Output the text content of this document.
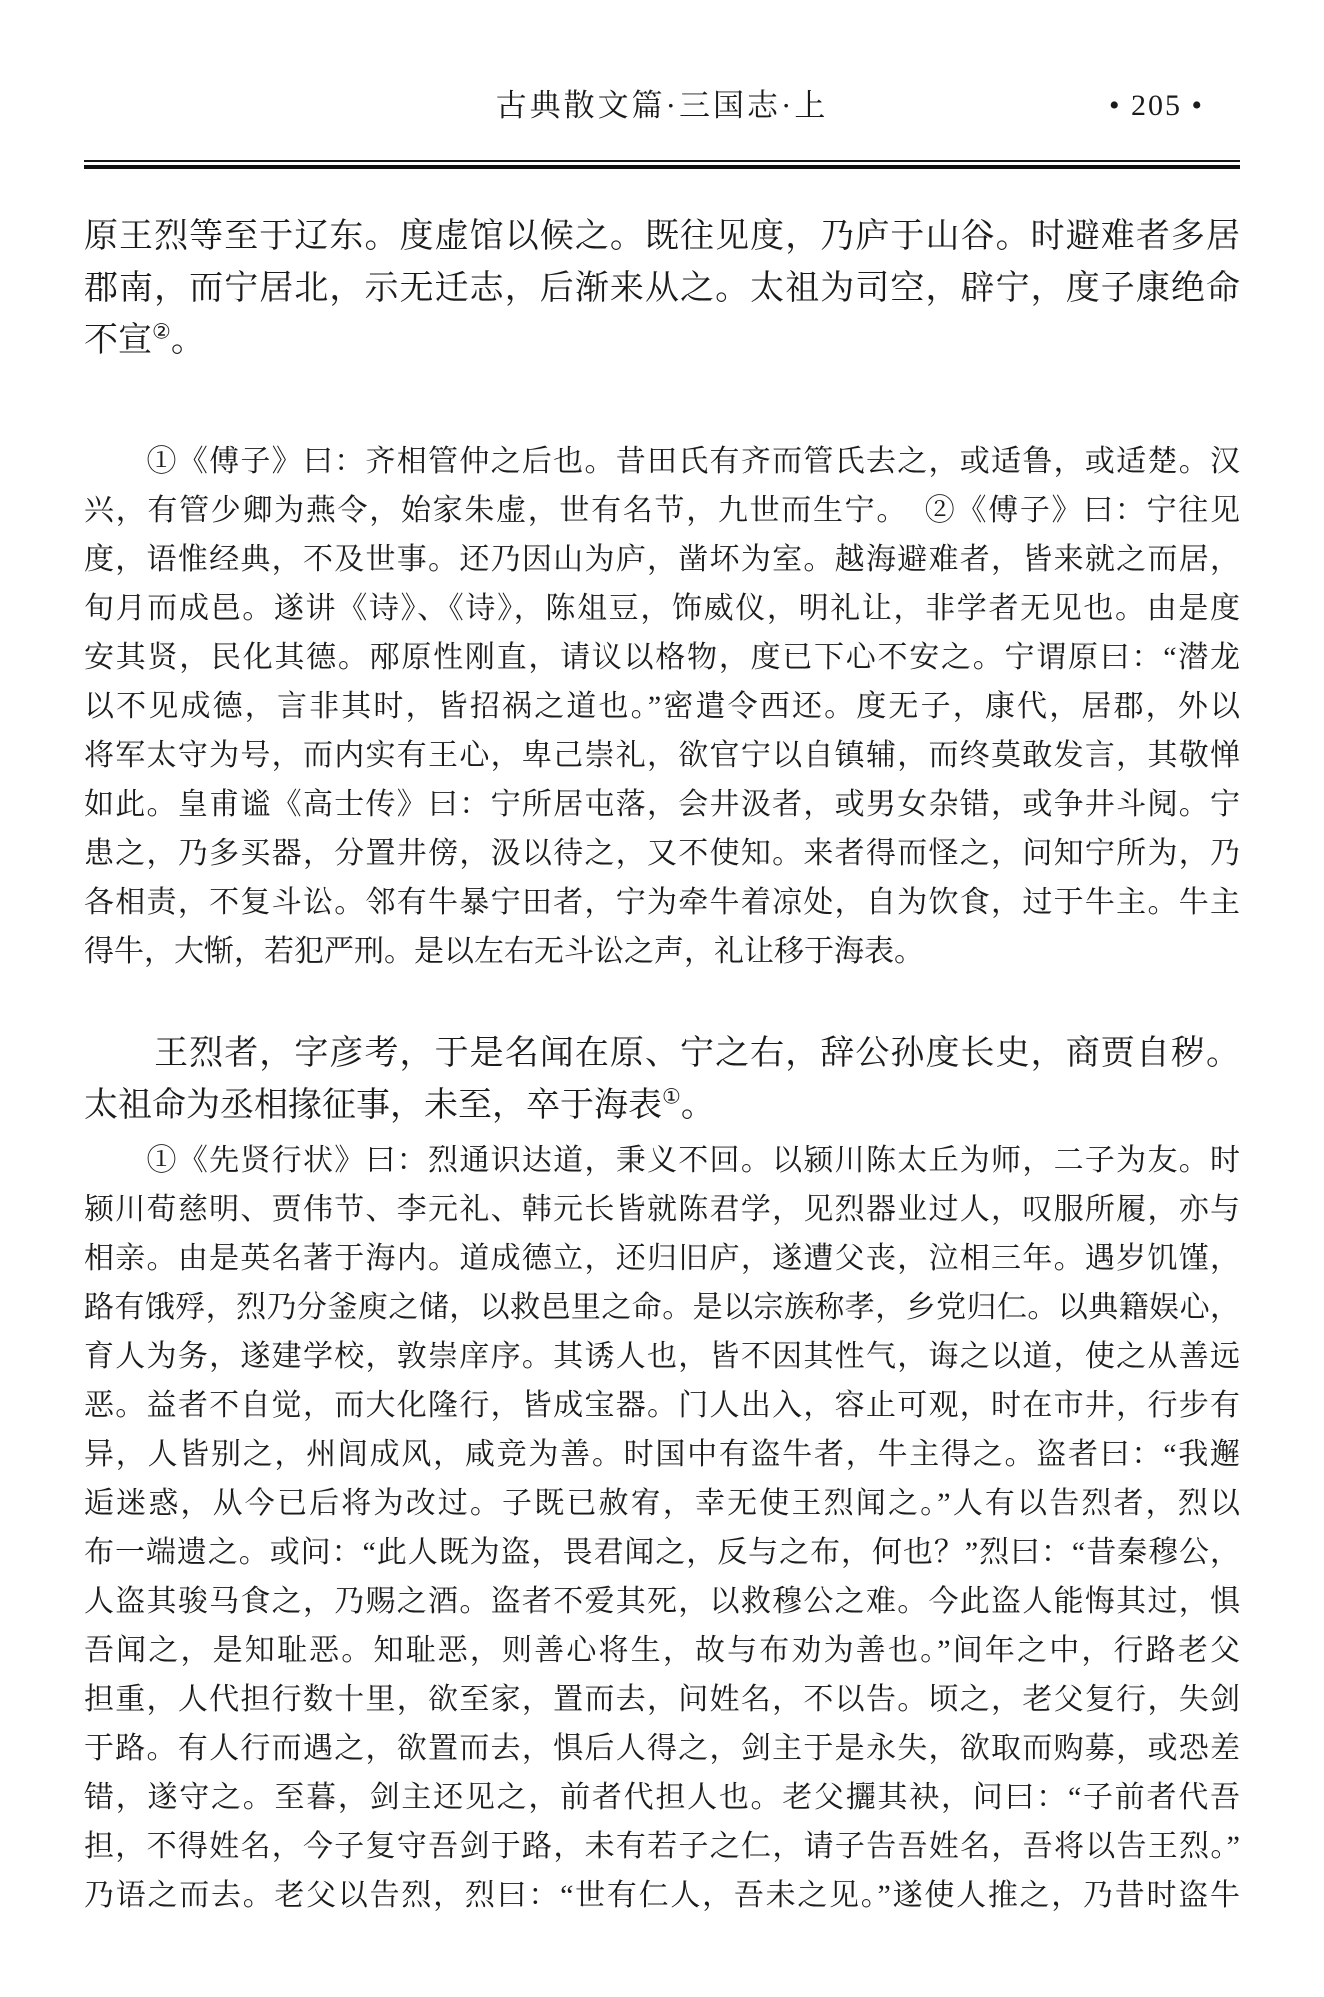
古典散文篇·三国志·上	• 205 •
原王烈等至于辽东。度虚馆以候之。既往见度，乃庐于山谷。时避难者多居
郡南，而宁居北，示无迁志，后渐来从之。太祖为司空，辟宁，度子康绝命
不宣②。
　　①《傅子》曰：齐相管仲之后也。昔田氏有齐而管氏去之，或适鲁，或适楚。汉
兴，有管少卿为燕令，始家朱虚，世有名节，九世而生宁。　②《傅子》曰：宁往见
度，语惟经典，不及世事。还乃因山为庐，凿坏为室。越海避难者，皆来就之而居，
旬月而成邑。遂讲《诗》、《诗》，陈俎豆，饰威仪，明礼让，非学者无见也。由是度
安其贤，民化其德。邴原性刚直，请议以格物，度已下心不安之。宁谓原曰：“潜龙
以不见成德，言非其时，皆招祸之道也。”密遣令西还。度无子，康代，居郡，外以
将军太守为号，而内实有王心，卑己崇礼，欲官宁以自镇辅，而终莫敢发言，其敬惮
如此。皇甫谧《高士传》曰：宁所居屯落，会井汲者，或男女杂错，或争井斗阋。宁
患之，乃多买器，分置井傍，汲以待之，又不使知。来者得而怪之，问知宁所为，乃
各相责，不复斗讼。邻有牛暴宁田者，宁为牵牛着凉处，自为饮食，过于牛主。牛主
得牛，大惭，若犯严刑。是以左右无斗讼之声，礼让移于海表。
　　王烈者，字彦考，于是名闻在原、宁之右，辞公孙度长史，商贾自秽。
太祖命为丞相掾征事，未至，卒于海表①。
　　①《先贤行状》曰：烈通识达道，秉义不回。以颍川陈太丘为师，二子为友。时
颍川荀慈明、贾伟节、李元礼、韩元长皆就陈君学，见烈器业过人，叹服所履，亦与
相亲。由是英名著于海内。道成德立，还归旧庐，遂遭父丧，泣相三年。遇岁饥馑，
路有饿殍，烈乃分釜庾之储，以救邑里之命。是以宗族称孝，乡党归仁。以典籍娱心，
育人为务，遂建学校，敦崇庠序。其诱人也，皆不因其性气，诲之以道，使之从善远
恶。益者不自觉，而大化隆行，皆成宝器。门人出入，容止可观，时在市井，行步有
异，人皆别之，州闾成风，咸竞为善。时国中有盗牛者，牛主得之。盗者曰：“我邂
逅迷惑，从今已后将为改过。子既已赦宥，幸无使王烈闻之。”人有以告烈者，烈以
布一端遗之。或问：“此人既为盗，畏君闻之，反与之布，何也？”烈曰：“昔秦穆公，
人盗其骏马食之，乃赐之酒。盗者不爱其死，以救穆公之难。今此盗人能悔其过，惧
吾闻之，是知耻恶。知耻恶，则善心将生，故与布劝为善也。”间年之中，行路老父
担重，人代担行数十里，欲至家，置而去，问姓名，不以告。顷之，老父复行，失剑
于路。有人行而遇之，欲置而去，惧后人得之，剑主于是永失，欲取而购募，或恐差
错，遂守之。至暮，剑主还见之，前者代担人也。老父攦其袂，问曰：“子前者代吾
担，不得姓名，今子复守吾剑于路，未有若子之仁，请子告吾姓名，吾将以告王烈。”
乃语之而去。老父以告烈，烈曰：“世有仁人，吾未之见。”遂使人推之，乃昔时盗牛
